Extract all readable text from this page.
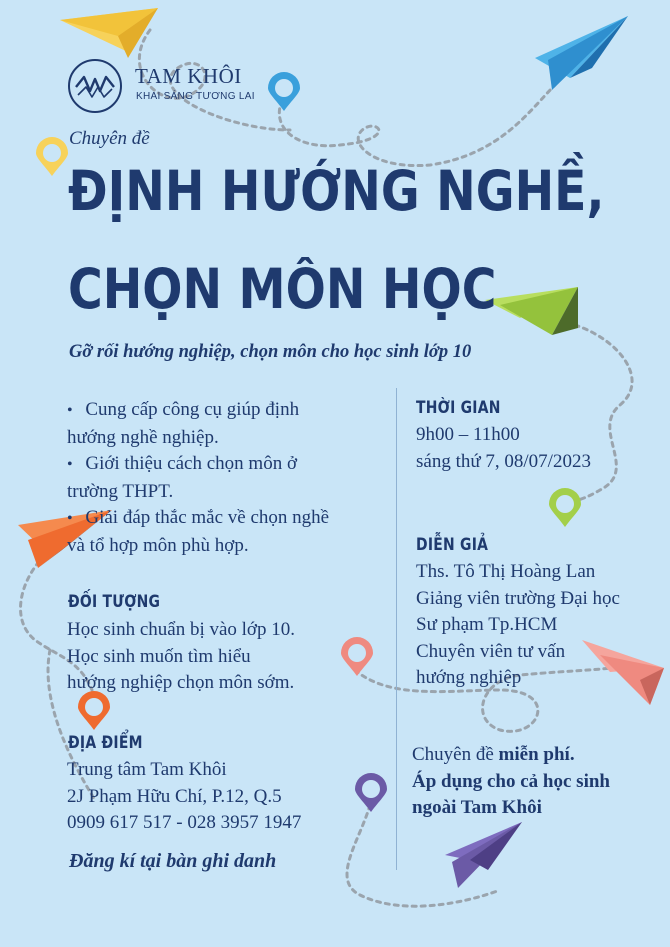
TAM KHÔI
KHAI SÁNG TƯƠNG LAI
Chuyên đề
ĐỊNH HƯỚNG NGHỀ,
CHỌN MÔN HỌC
Gỡ rối hướng nghiệp, chọn môn cho học sinh lớp 10
• Cung cấp công cụ giúp định
hướng nghề nghiệp.
• Giới thiệu cách chọn môn ở
trường THPT.
• Giải đáp thắc mắc về chọn nghề
và tổ hợp môn phù hợp.
ĐỐI TƯỢNG
Học sinh chuẩn bị vào lớp 10.
Học sinh muốn tìm hiểu
hướng nghiệp chọn môn sớm.
ĐỊA ĐIỂM
Trung tâm Tam Khôi
2J Phạm Hữu Chí, P.12, Q.5
0909 617 517 - 028 3957 1947
Đăng kí tại bàn ghi danh
THỜI GIAN
9h00 – 11h00
sáng thứ 7, 08/07/2023
DIỄN GIẢ
Ths. Tô Thị Hoàng Lan
Giảng viên trường Đại học
Sư phạm Tp.HCM
Chuyên viên tư vấn
hướng nghiệp
Chuyên đề miễn phí.
Áp dụng cho cả học sinh
ngoài Tam Khôi
